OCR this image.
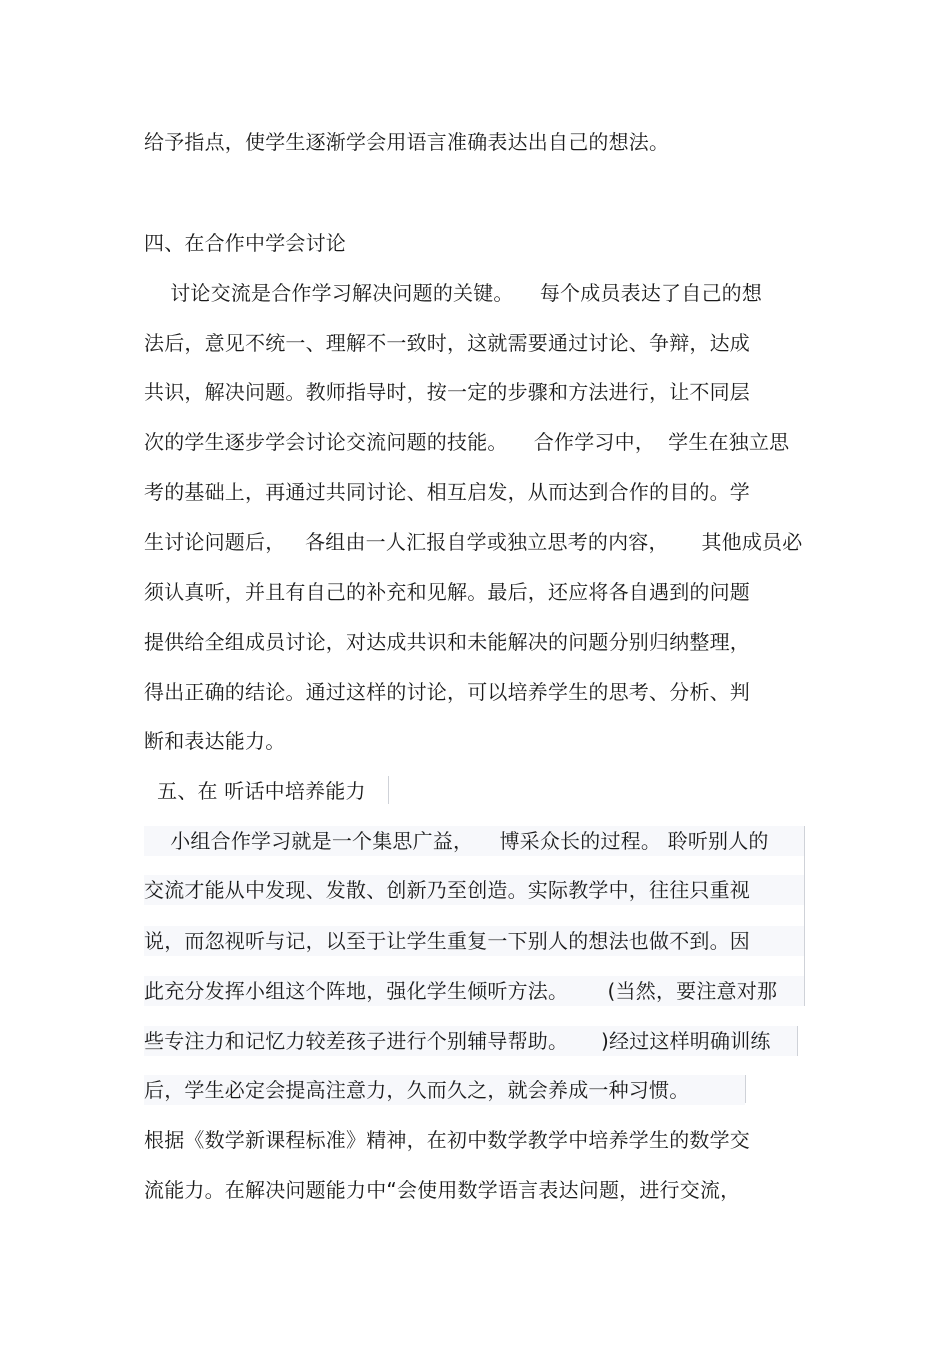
给予指点，使学生逐渐学会用语言准确表达出自己的想法。
四、在合作中学会讨论
讨论交流是合作学习解决问题的关键。    每个成员表达了自己的想
法后，意见不统一、理解不一致时，这就需要通过讨论、争辩，达成
共识，解决问题。教师指导时，按一定的步骤和方法进行，让不同层
次的学生逐步学会讨论交流问题的技能。    合作学习中，  学生在独立思
考的基础上，再通过共同讨论、相互启发，从而达到合作的目的。学
生讨论问题后，   各组由一人汇报自学或独立思考的内容，     其他成员必
须认真听，并且有自己的补充和见解。最后，还应将各自遇到的问题
提供给全组成员讨论，对达成共识和未能解决的问题分别归纳整理，
得出正确的结论。通过这样的讨论，可以培养学生的思考、分析、判
断和表达能力。
五、在 听话中培养能力
小组合作学习就是一个集思广益，    博采众长的过程。 聆听别人的
交流才能从中发现、发散、创新乃至创造。实际教学中，往往只重视
说，而忽视听与记，以至于让学生重复一下别人的想法也做不到。因
此充分发挥小组这个阵地，强化学生倾听方法。      (当然，要注意对那
些专注力和记忆力较差孩子进行个别辅导帮助。     )经过这样明确训练
后，学生必定会提高注意力，久而久之，就会养成一种习惯。
根据《数学新课程标准》精神，在初中数学教学中培养学生的数学交
流能力。在解决问题能力中“会使用数学语言表达问题，进行交流，
